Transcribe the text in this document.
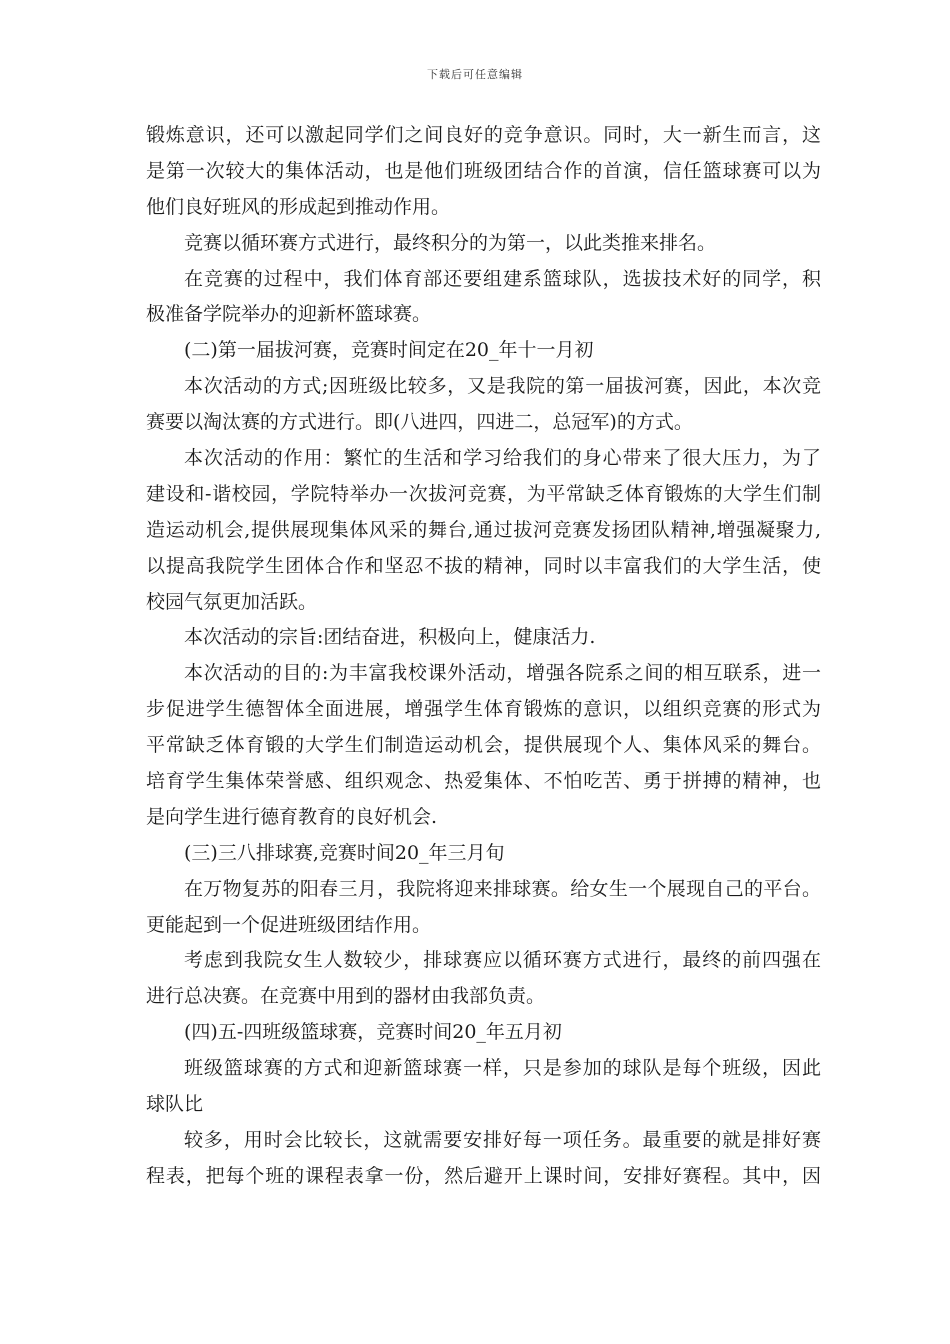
下载后可任意编辑
锻炼意识，还可以激起同学们之间良好的竞争意识。同时，大一新生而言，这
是第一次较大的集体活动，也是他们班级团结合作的首演，信任篮球赛可以为
他们良好班风的形成起到推动作用。
竞赛以循环赛方式进行，最终积分的为第一，以此类推来排名。
在竞赛的过程中，我们体育部还要组建系篮球队，选拔技术好的同学，积
极准备学院举办的迎新杯篮球赛。
(二)第一届拔河赛，竞赛时间定在20_年十一月初
本次活动的方式;因班级比较多，又是我院的第一届拔河赛，因此，本次竞
赛要以淘汰赛的方式进行。即(八进四，四进二，总冠军)的方式。
本次活动的作用：繁忙的生活和学习给我们的身心带来了很大压力，为了
建设和-谐校园，学院特举办一次拔河竞赛，为平常缺乏体育锻炼的大学生们制
造运动机会,提供展现集体风采的舞台,通过拔河竞赛发扬团队精神,增强凝聚力,
以提高我院学生团体合作和坚忍不拔的精神，同时以丰富我们的大学生活，使
校园气氛更加活跃。
本次活动的宗旨:团结奋进，积极向上，健康活力.
本次活动的目的:为丰富我校课外活动，增强各院系之间的相互联系，进一
步促进学生德智体全面进展，增强学生体育锻炼的意识，以组织竞赛的形式为
平常缺乏体育锻的大学生们制造运动机会，提供展现个人、集体风采的舞台。
培育学生集体荣誉感、组织观念、热爱集体、不怕吃苦、勇于拼搏的精神，也
是向学生进行德育教育的良好机会.
(三)三八排球赛,竞赛时间20_年三月旬
在万物复苏的阳春三月，我院将迎来排球赛。给女生一个展现自己的平台。
更能起到一个促进班级团结作用。
考虑到我院女生人数较少，排球赛应以循环赛方式进行，最终的前四强在
进行总决赛。在竞赛中用到的器材由我部负责。
(四)五-四班级篮球赛，竞赛时间20_年五月初
班级篮球赛的方式和迎新篮球赛一样，只是参加的球队是每个班级，因此
球队比
较多，用时会比较长，这就需要安排好每一项任务。最重要的就是排好赛
程表，把每个班的课程表拿一份，然后避开上课时间，安排好赛程。其中，因
